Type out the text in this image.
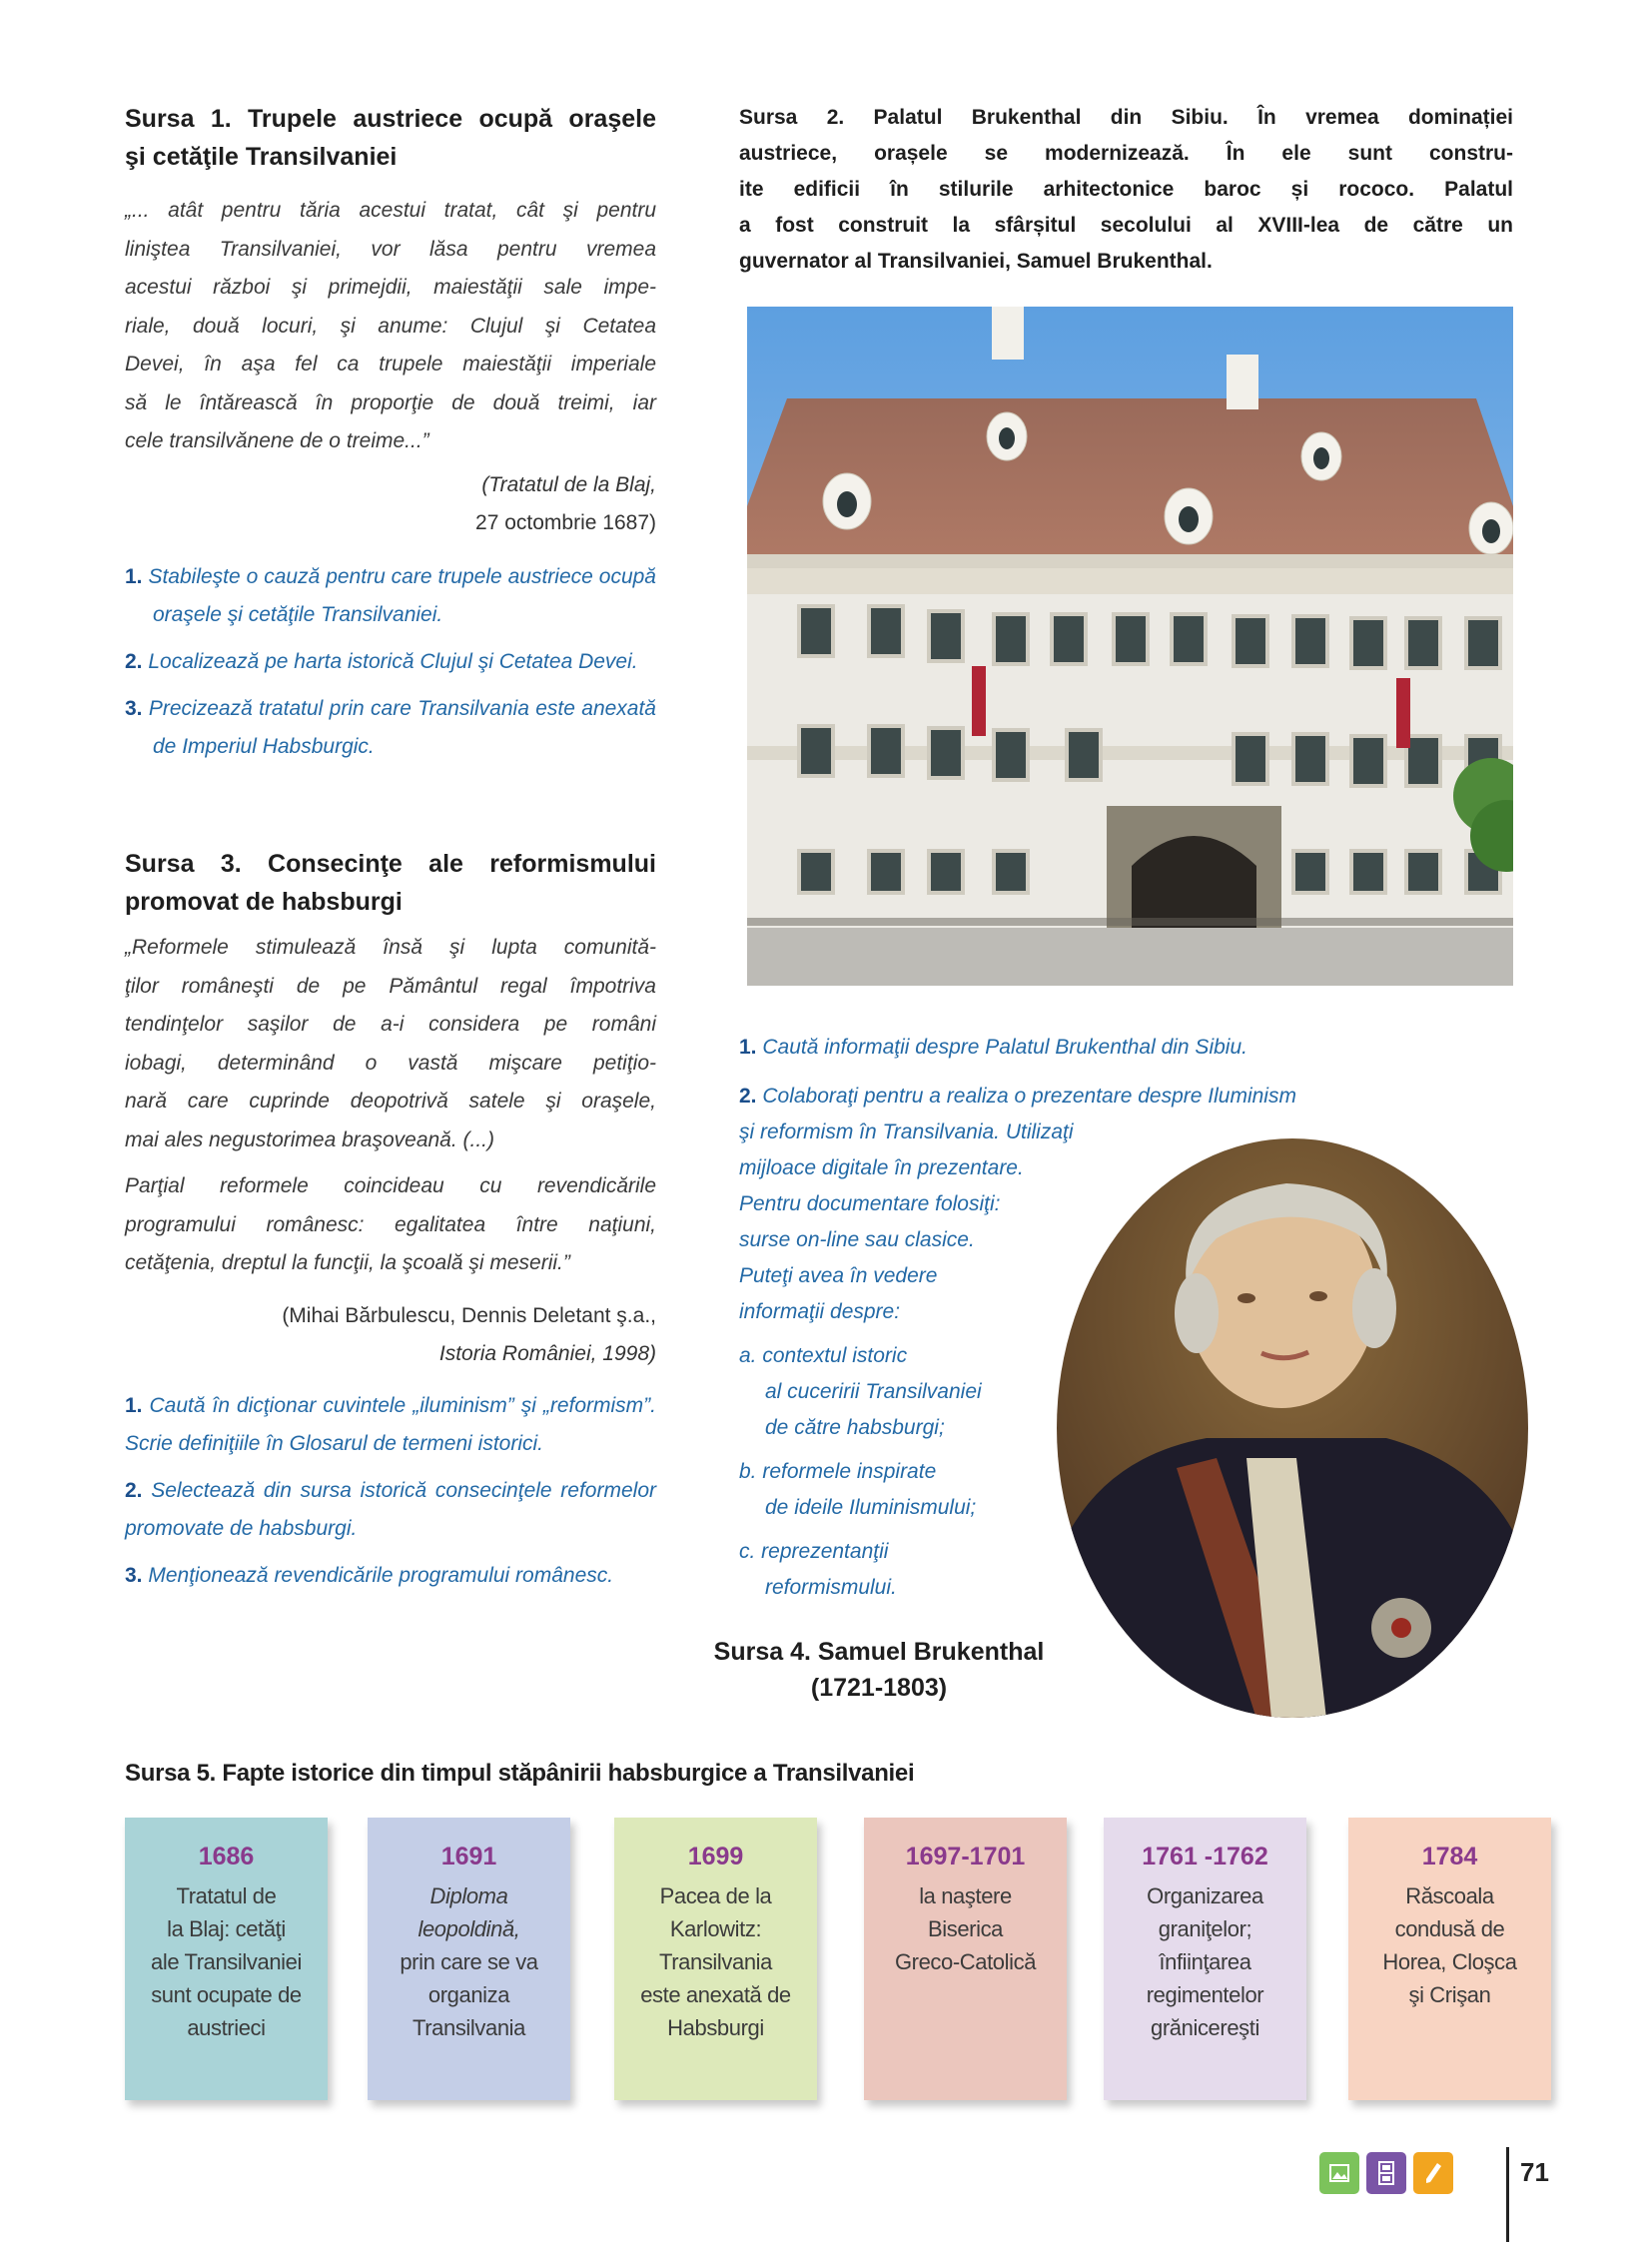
Sursa 1. Trupele austriece ocupă oraşele
şi cetăţile Transilvaniei
„... atât pentru tăria acestui tratat, cât şi pentru
liniştea Transilvaniei, vor lăsa pentru vremea
acestui război şi primejdii, maiestăţii sale impe-
riale, două locuri, şi anume: Clujul şi Cetatea
Devei, în aşa fel ca trupele maiestăţii imperiale
să le întărească în proporţie de două treimi, iar
cele transilvănene de o treime...”
(Tratatul de la Blaj,
27 octombrie 1687)
1. Stabileşte o cauză pentru care trupele austriece ocupă oraşele şi cetăţile Transilvaniei.
2. Localizează pe harta istorică Clujul şi Cetatea Devei.
3. Precizează tratatul prin care Transilvania este anexată de Imperiul Habsburgic.
Sursa 3. Consecinţe ale reformismului
promovat de habsburgi
„Reformele stimulează însă şi lupta comunită-
ţilor româneşti de pe Pământul regal împotriva
tendinţelor saşilor de a-i considera pe români
iobagi, determinând o vastă mişcare petiţio-
nară care cuprinde deopotrivă satele şi oraşele,
mai ales negustorimea braşoveană. (...)
Parţial reformele coincideau cu revendicările
programului românesc: egalitatea între naţiuni,
cetăţenia, dreptul la funcţii, la şcoală şi meserii.”
(Mihai Bărbulescu, Dennis Deletant ş.a.,
Istoria României, 1998)
1. Caută în dicţionar cuvintele „iluminism” şi „reformism”. Scrie definiţiile în Glosarul de termeni istorici.
2. Selectează din sursa istorică consecinţele reformelor promovate de habsburgi.
3. Menţionează revendicările programului românesc.
Sursa 2. Palatul Brukenthal din Sibiu. În vremea dominației
austriece, orașele se modernizează. În ele sunt constru-
ite edificii în stilurile arhitectonice baroc și rococo. Palatul
a fost construit la sfârșitul secolului al XVIII-lea de către un
guvernator al Transilvaniei, Samuel Brukenthal.
1. Caută informaţii despre Palatul Brukenthal din Sibiu.
2. Colaboraţi pentru a realiza o prezentare despre Iluminism
şi reformism în Transilvania. Utilizaţi
mijloace digitale în prezentare.
Pentru documentare folosiţi:
surse on-line sau clasice.
Puteţi avea în vedere
informaţii despre:
a. contextul istoric
al cuceririi Transilvaniei
de către habsburgi;
b. reformele inspirate
de ideile Iluminismului;
c. reprezentanţii
reformismului.
Sursa 4. Samuel Brukenthal
(1721-1803)
Sursa 5. Fapte istorice din timpul stăpânirii habsburgice a Transilvaniei
1686
Tratatul de
la Blaj: cetăţi
ale Transilvaniei
sunt ocupate de
austrieci
1691
Diploma
leopoldină,
prin care se va
organiza
Transilvania
1699
Pacea de la
Karlowitz:
Transilvania
este anexată de
Habsburgi
1697-1701
la naştere
Biserica
Greco-Catolică
1761 -1762
Organizarea
graniţelor;
înfiinţarea
regimentelor
grănicereşti
1784
Răscoala
condusă de
Horea, Cloşca
şi Crişan
71
